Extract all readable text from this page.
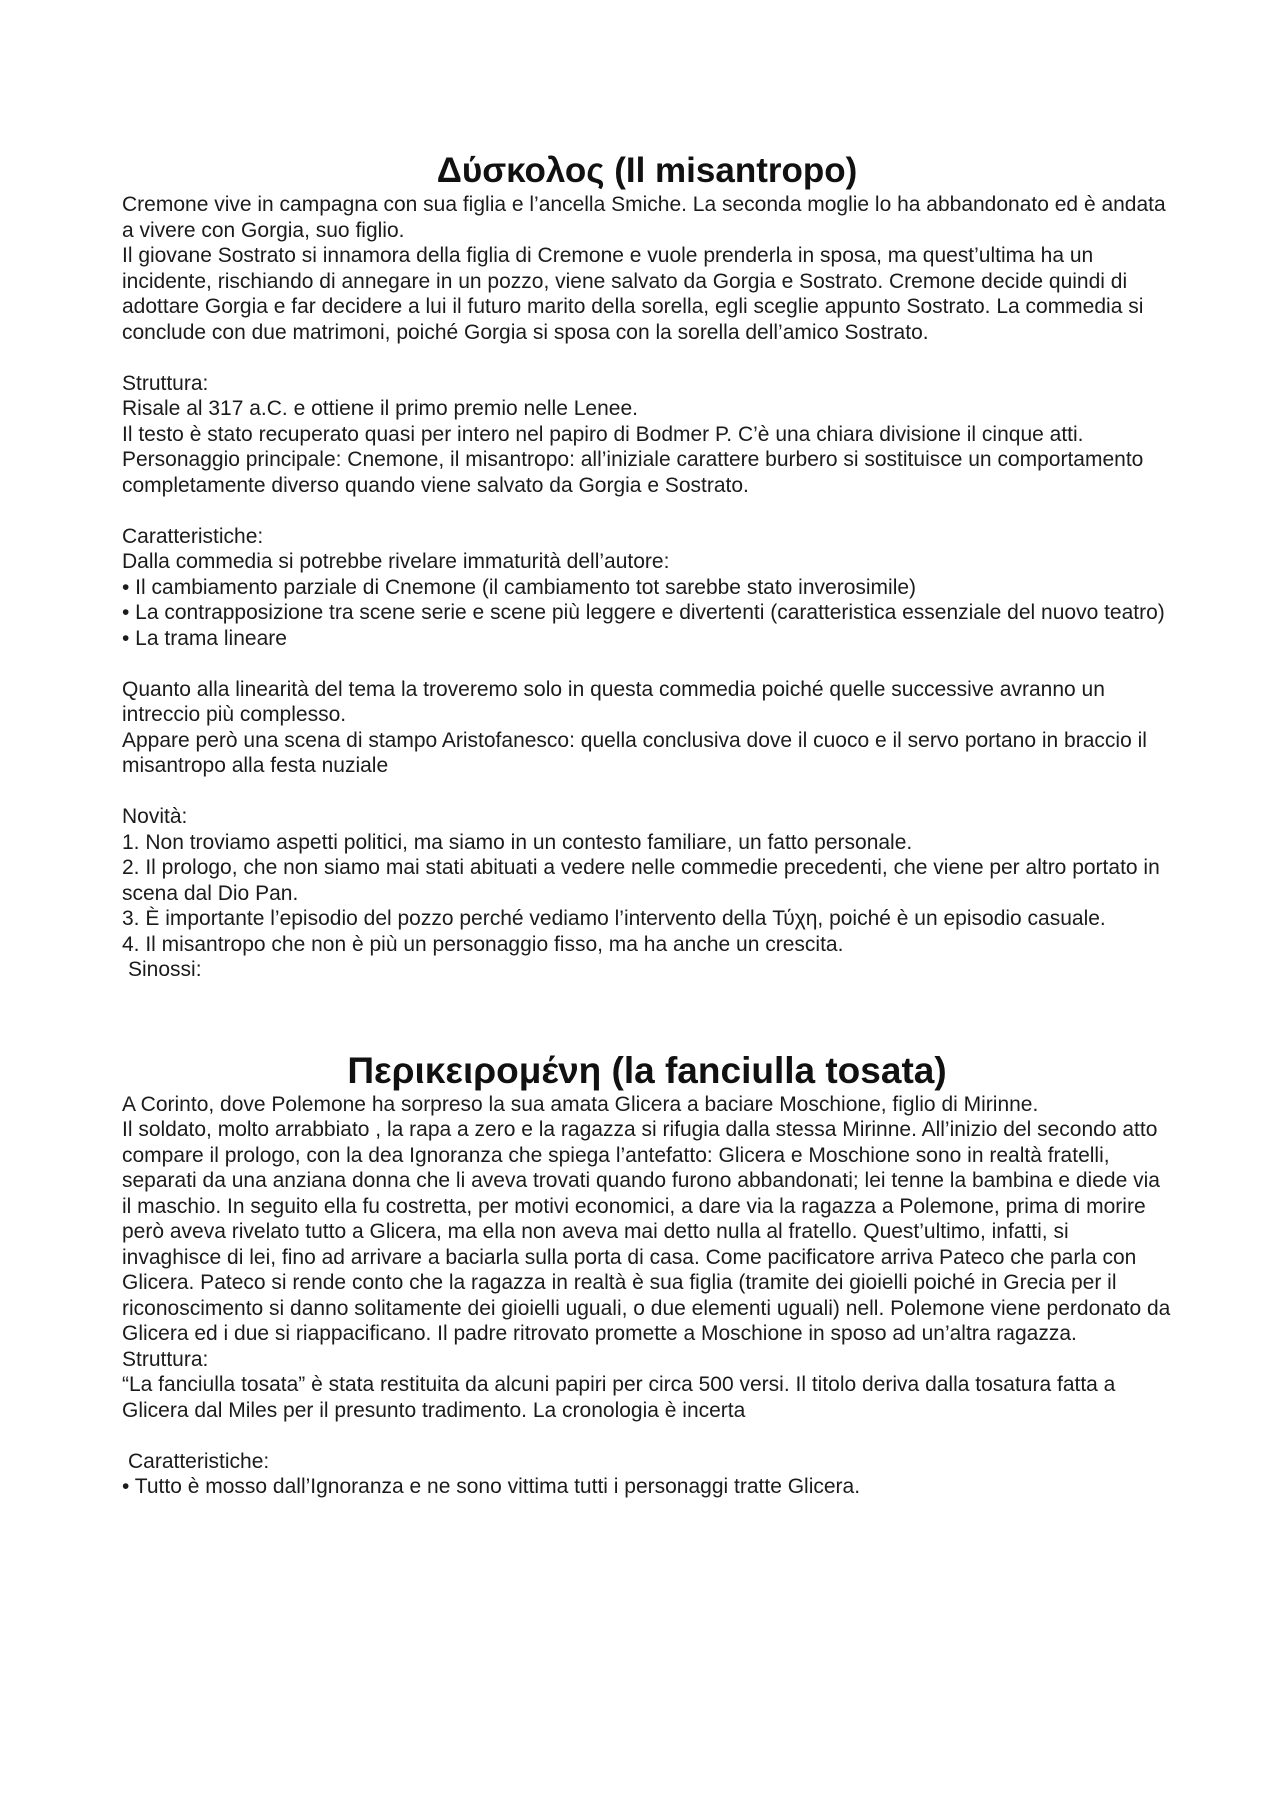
Δύσκολος (Il misantropo)

Cremone vive in campagna con sua figlia e l’ancella Smiche. La seconda moglie lo ha abbandonato ed è andata a vivere con Gorgia, suo figlio.

Il giovane Sostrato si innamora della figlia di Cremone e vuole prenderla in sposa, ma quest’ultima ha un incidente, rischiando di annegare in un pozzo, viene salvato da Gorgia e Sostrato. Cremone decide quindi di adottare Gorgia e far decidere a lui il futuro marito della sorella, egli sceglie appunto Sostrato. La commedia si conclude con due matrimoni, poiché Gorgia si sposa con la sorella dell’amico Sostrato.

Struttura:

Risale al 317 a.C. e ottiene il primo premio nelle Lenee.

Il testo è stato recuperato quasi per intero nel papiro di Bodmer P. C’è una chiara divisione il cinque atti.

Personaggio principale: Cnemone, il misantropo: all’iniziale carattere burbero si sostituisce un comportamento completamente diverso quando viene salvato da Gorgia e Sostrato.

Caratteristiche:

Dalla commedia si potrebbe rivelare immaturità dell’autore:

• Il cambiamento parziale di Cnemone (il cambiamento tot sarebbe stato inverosimile)

• La contrapposizione tra scene serie e scene più leggere e divertenti (caratteristica essenziale del nuovo teatro)

• La trama lineare

Quanto alla linearità del tema la troveremo solo in questa commedia poiché quelle successive avranno un intreccio più complesso.

Appare però una scena di stampo Aristofanesco: quella conclusiva dove il cuoco e il servo portano in braccio il misantropo alla festa nuziale

Novità:

1. Non troviamo aspetti politici, ma siamo in un contesto familiare, un fatto personale.

2. Il prologo, che non siamo mai stati abituati a vedere nelle commedie precedenti, che viene per altro portato in scena dal Dio Pan.

3. È importante l’episodio del pozzo perché vediamo l’intervento della Τύχη, poiché è un episodio casuale.

4. Il misantropo che non è più un personaggio fisso, ma ha anche un crescita.

Sinossi:

Περικειρομένη (la fanciulla tosata)

A Corinto, dove Polemone ha sorpreso la sua amata Glicera a baciare Moschione, figlio di Mirinne.

Il soldato, molto arrabbiato , la rapa a zero e la ragazza si rifugia dalla stessa Mirinne. All’inizio del secondo atto compare il prologo, con la dea Ignoranza che spiega l’antefatto: Glicera e Moschione sono in realtà fratelli, separati da una anziana donna che li aveva trovati quando furono abbandonati; lei tenne la bambina e diede via il maschio. In seguito ella fu costretta, per motivi economici, a dare via la ragazza a Polemone, prima di morire però aveva rivelato tutto a Glicera, ma ella non aveva mai detto nulla al fratello. Quest’ultimo, infatti, si invaghisce di lei, fino ad arrivare a baciarla sulla porta di casa. Come pacificatore arriva Pateco che parla con Glicera. Pateco si rende conto che la ragazza in realtà è sua figlia (tramite dei gioielli poiché in Grecia per il riconoscimento si danno solitamente dei gioielli uguali, o due elementi uguali) nell. Polemone viene perdonato da Glicera ed i due si riappacificano. Il padre ritrovato promette a Moschione in sposo ad un’altra ragazza.

Struttura:

“La fanciulla tosata” è stata restituita da alcuni papiri per circa 500 versi. Il titolo deriva dalla tosatura fatta a Glicera dal Miles per il presunto tradimento. La cronologia è incerta

Caratteristiche:

• Tutto è mosso dall’Ignoranza e ne sono vittima tutti i personaggi tratte Glicera.
